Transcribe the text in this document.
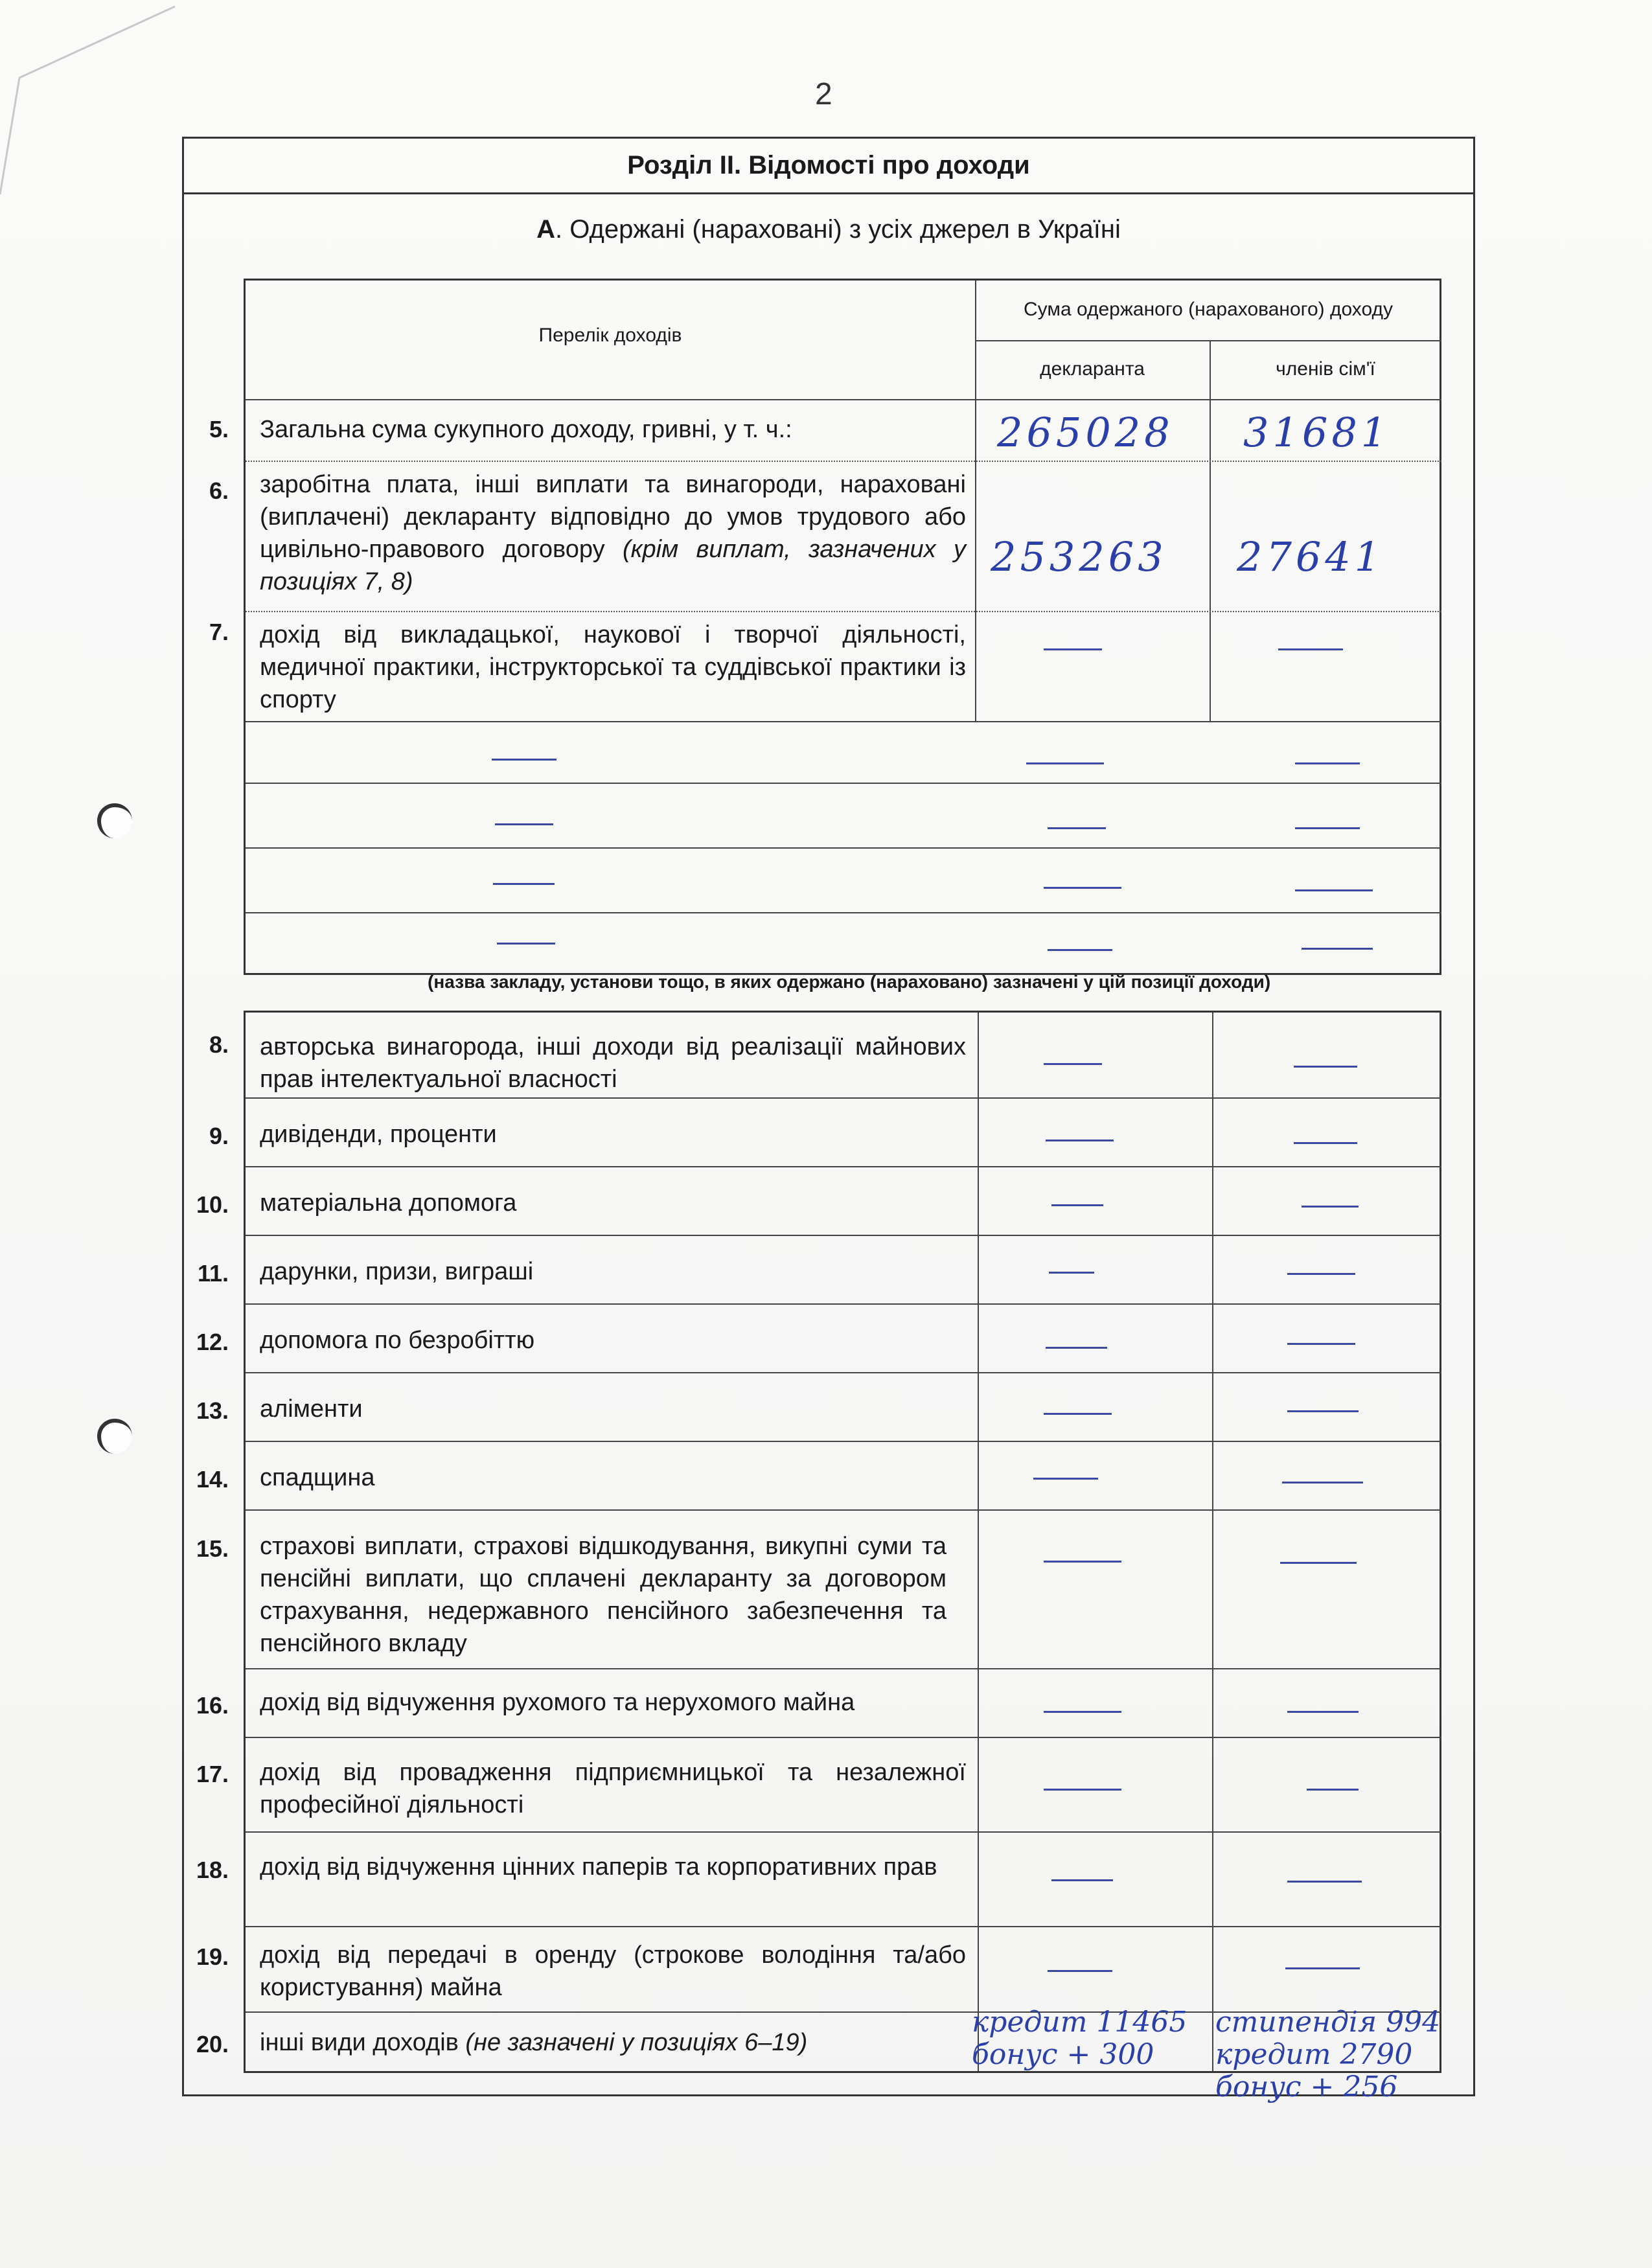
2
Розділ ІІ. Відомості про доходи
А. Одержані (нараховані) з усіх джерел в Україні
Перелік доходів
Сума одержаного (нарахованого) доходу
декларанта	членів сім'ї
Загальна сума сукупного доходу, гривні, у т. ч.:	265028 31681
заробітна плата, інші виплати та винагороди, нараховані (виплачені) декларанту відповідно до умов трудового або цивільно-правового договору (крім виплат, зазначених у позиціях 7, 8)
253263 27641
дохід від викладацької, наукової і творчої діяльності, медичної практики, інструкторської та суддівської практики із спорту
5.
6.
7.
(назва закладу, установи тощо, в яких одержано (нараховано) зазначені у цій позиції доходи)
авторська винагорода, інші доходи від реалізації майнових прав інтелектуальної власності
дивіденди, проценти
матеріальна допомога
дарунки, призи, виграші
допомога по безробіттю
аліменти
спадщина
страхові виплати, страхові відшкодування, викупні суми та пенсійні виплати, що сплачені декларанту за договором страхування, недержавного пенсійного забезпечення та пенсійного вкладу
дохід від відчуження рухомого та нерухомого майна
дохід від провадження підприємницької та незалежної професійної діяльності
дохід від відчуження цінних паперів та корпоративних прав
дохід від передачі в оренду (строкове володіння та/або користування) майна
інші види доходів (не зазначені у позиціях 6–19)
8.
9.
10.
11.
12.
13.
14.
15.
16.
17.
18.
19.
20.
кредит 11465
бонус + 300
стипендія 994
кредит 2790
бонус + 256
